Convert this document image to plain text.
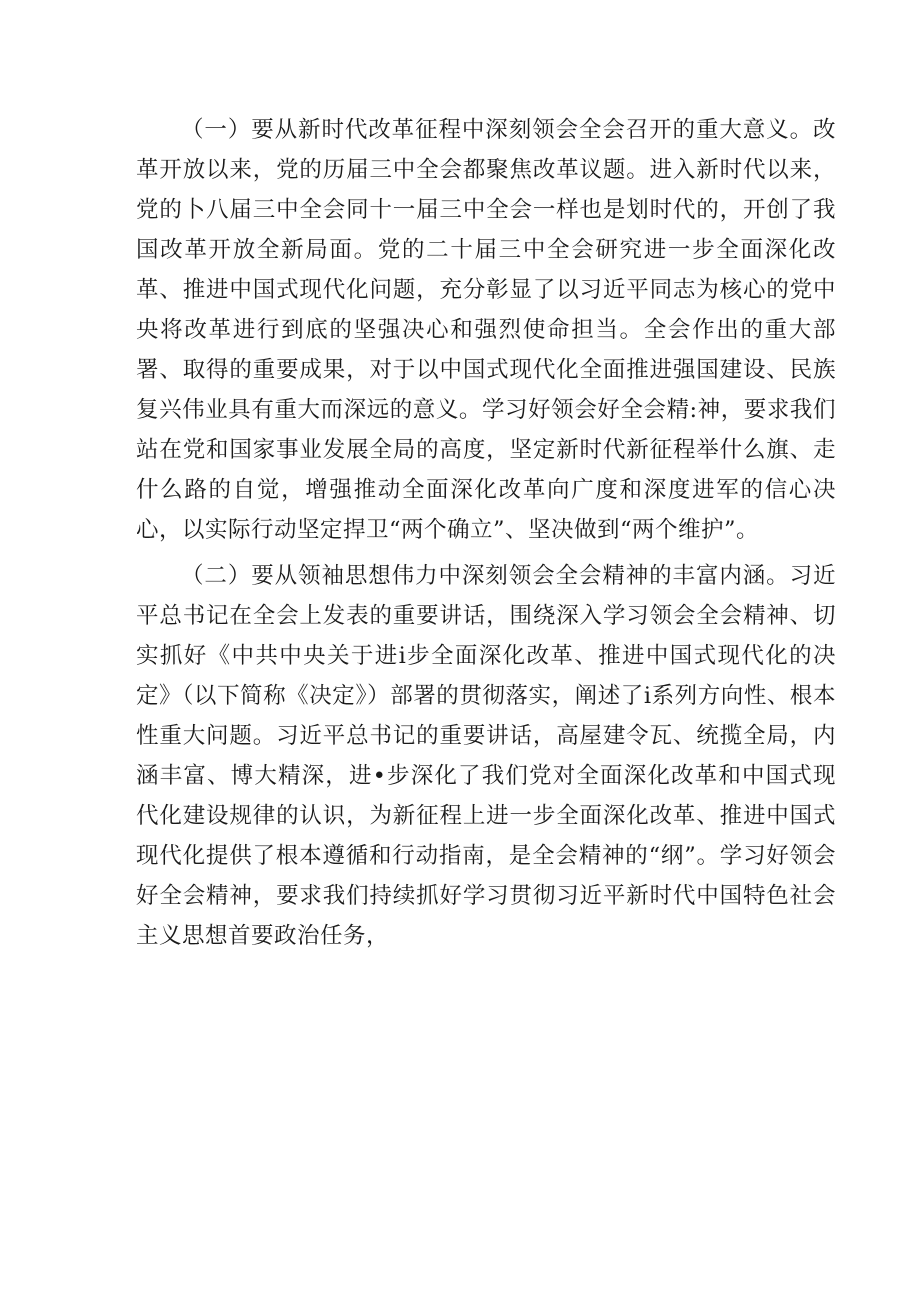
（一）要从新时代改革征程中深刻领会全会召开的重大意义。改革开放以来，党的历届三中全会都聚焦改革议题。进入新时代以来，党的卜八届三中全会同十一届三中全会一样也是划时代的，开创了我国改革开放全新局面。党的二十届三中全会研究进一步全面深化改革、推进中国式现代化问题，充分彰显了以习近平同志为核心的党中央将改革进行到底的坚强决心和强烈使命担当。全会作出的重大部署、取得的重要成果，对于以中国式现代化全面推进强国建设、民族复兴伟业具有重大而深远的意义。学习好领会好全会精:神，要求我们站在党和国家事业发展全局的高度，坚定新时代新征程举什么旗、走什么路的自觉，增强推动全面深化改革向广度和深度进军的信心决心，以实际行动坚定捍卫“两个确立”、坚决做到“两个维护”。

（二）要从领袖思想伟力中深刻领会全会精神的丰富内涵。习近平总书记在全会上发表的重要讲话，围绕深入学习领会全会精神、切实抓好《中共中央关于进i步全面深化改革、推进中国式现代化的决定》（以下简称《决定》）部署的贯彻落实，阐述了i系列方向性、根本性重大问题。习近平总书记的重要讲话，高屋建令瓦、统揽全局，内涵丰富、博大精深，进•步深化了我们党对全面深化改革和中国式现代化建设规律的认识，为新征程上进一步全面深化改革、推进中国式现代化提供了根本遵循和行动指南，是全会精神的“纲”。学习好领会好全会精神，要求我们持续抓好学习贯彻习近平新时代中国特色社会主义思想首要政治任务，
